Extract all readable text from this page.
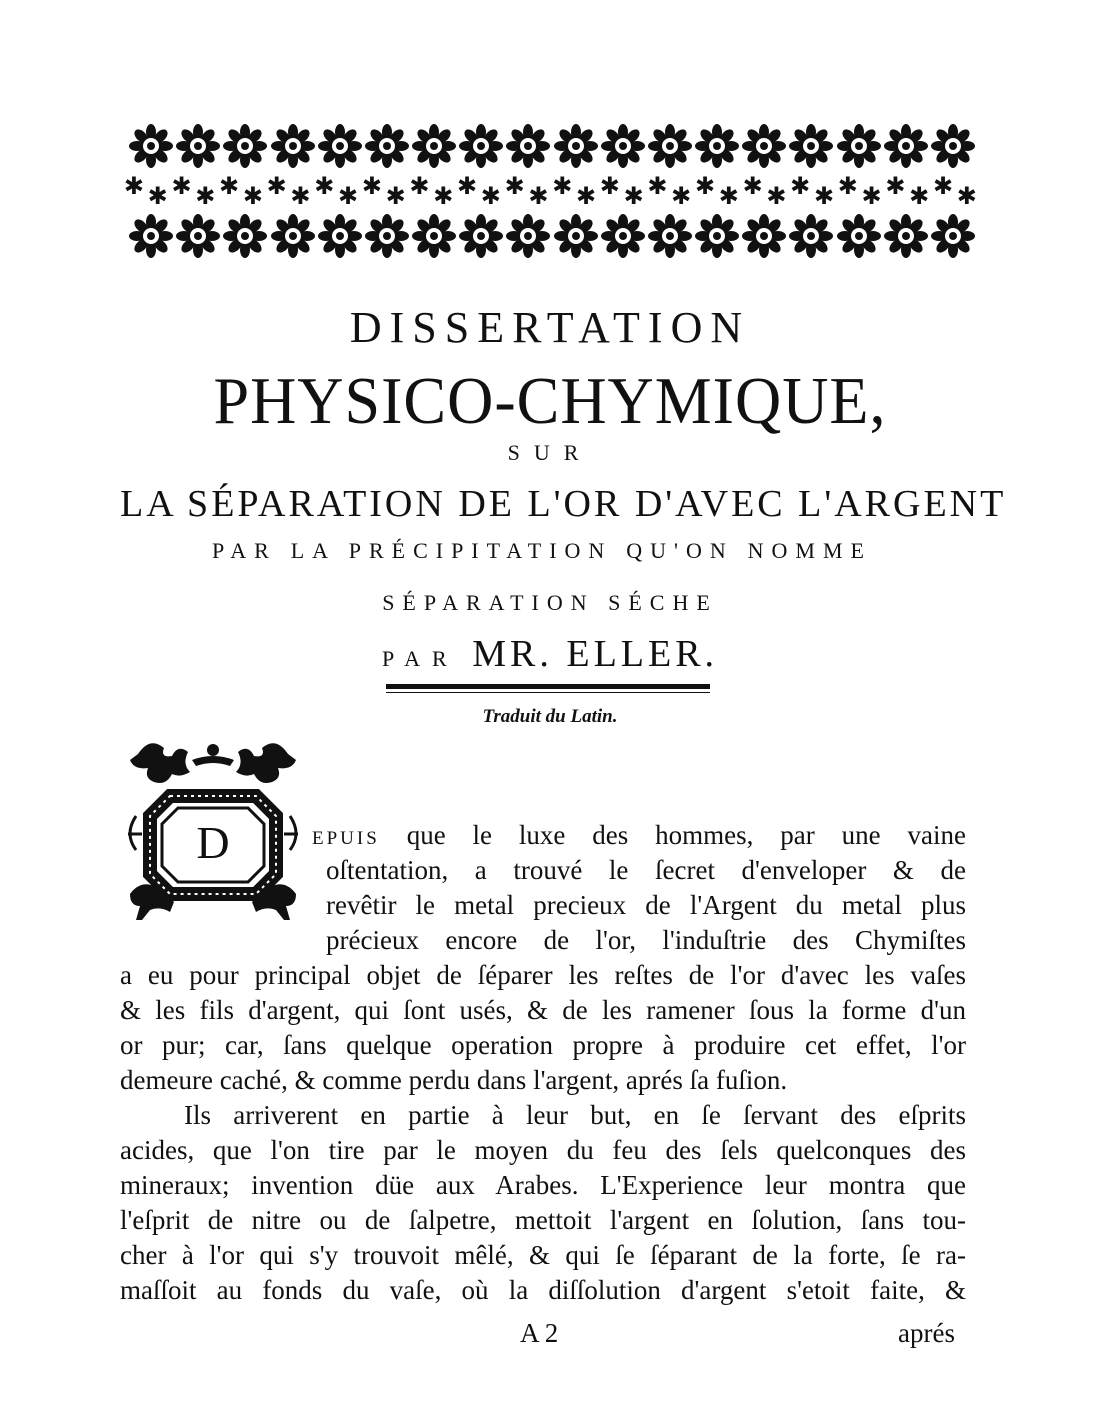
✱ ✱ ✱ ✱ ✱ ✱ ✱ ✱ ✱ ✱ ✱ ✱ ✱ ✱ ✱ ✱ ✱ ✱ ✱ ✱ ✱ ✱ ✱ ✱ ✱ ✱ ✱ ✱ ✱ ✱ ✱ ✱ ✱ ✱ ✱ ✱
DISSERTATION
PHYSICO-CHYMIQUE,
SUR
LA SÉPARATION DE L'OR D'AVEC L'ARGENT
PAR LA PRÉCIPITATION QU'ON NOMME
SÉPARATION SÉCHE
PAR MR. ELLER.
Traduit du Latin.
D	EPUIS que le luxe des hommes, par une vaine
oſtentation, a trouvé le ſecret d'enveloper & de
revêtir le metal precieux de l'Argent du metal plus
précieux encore de l'or, l'induſtrie des Chymiſtes
a eu pour principal objet de ſéparer les reſtes de l'or d'avec les vaſes
& les fils d'argent, qui ſont usés, & de les ramener ſous la forme d'un
or pur; car, ſans quelque operation propre à produire cet effet, l'or
demeure caché, & comme perdu dans l'argent, aprés ſa fuſion.
Ils arriverent en partie à leur but, en ſe ſervant des eſprits
acides, que l'on tire par le moyen du feu des ſels quelconques des
mineraux; invention düe aux Arabes. L'Experience leur montra que
l'eſprit de nitre ou de ſalpetre, mettoit l'argent en ſolution, ſans tou-
cher à l'or qui s'y trouvoit mêlé, & qui ſe ſéparant de la forte, ſe ra-
maſſoit au fonds du vaſe, où la diſſolution d'argent s'etoit faite, &
A 2	aprés
